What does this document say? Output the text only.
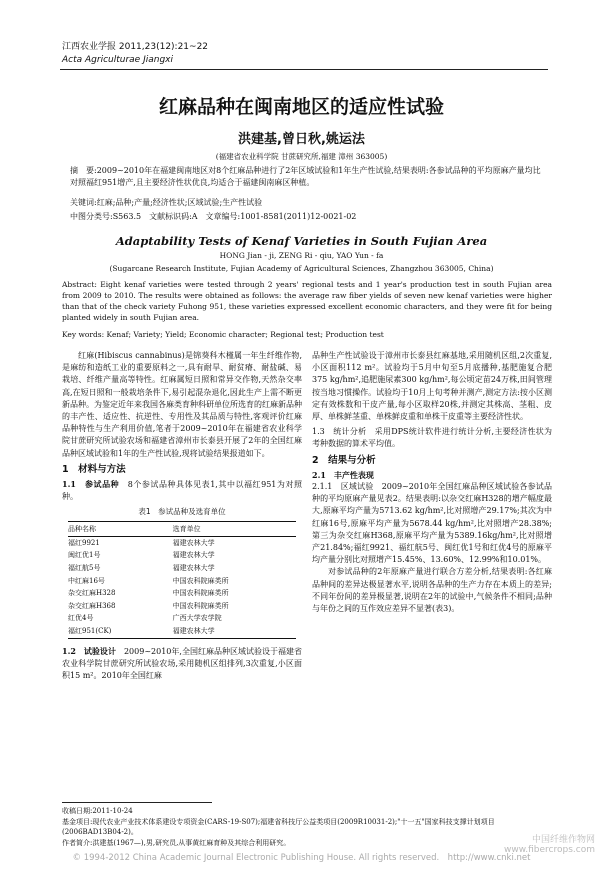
江西农业学报 2011,23(12):21~22
Acta Agriculturae Jiangxi
红麻品种在闽南地区的适应性试验
洪建基,曾日秋,姚运法
(福建省农业科学院 甘蔗研究所,福建 漳州 363005)
摘　要:2009~2010年在福建闽南地区对8个红麻品种进行了2年区域试验和1年生产性试验,结果表明:各参试品种的平均原麻产量均比对照福红951增产,且主要经济性状优良,均适合于福建闽南麻区种植。
关键词:红麻;品种;产量;经济性状;区域试验;生产性试验
中图分类号:S563.5　文献标识码:A　文章编号:1001-8581(2011)12-0021-02
Adaptability Tests of Kenaf Varieties in South Fujian Area
HONG Jian - ji, ZENG Ri - qiu, YAO Yun - fa
(Sugarcane Research Institute, Fujian Academy of Agricultural Sciences, Zhangzhou 363005, China)
Abstract: Eight kenaf varieties were tested through 2 years' regional tests and 1 year's production test in south Fujian area from 2009 to 2010. The results were obtained as follows: the average raw fiber yields of seven new kenaf varieties were higher than that of the check variety Fuhong 951, these varieties expressed excellent economic characters, and they were fit for being planted widely in south Fujian area.
Key words: Kenaf; Variety; Yield; Economic character; Regional test; Production test

红麻(Hibiscus cannabinus)是锦葵科木槿属一年生纤维作物,是麻纺和造纸工业的重要原料之一,具有耐旱、耐贫瘠、耐盐碱、易栽培、纤维产量高等特性。红麻属短日照和常异交作物,天然杂交率高,在短日照和一般栽培条件下,易引起混杂退化,因此生产上需不断更新品种。为鉴定近年来我国各麻类育种科研单位所选育的红麻新品种的丰产性、适应性、抗逆性、专用性及其品质与特性,客观评价红麻品种特性与生产利用价值,笔者于2009~2010年在福建省农业科学院甘蔗研究所试验农场和福建省漳州市长泰县开展了2年的全国红麻品种区域试验和1年的生产性试验,现将试验结果报道如下。

1　材料与方法

1.1　参试品种　 8个参试品种具体见表1,其中以福红951为对照种。

表1　参试品种及选育单位
品种名称	选育单位
福红9921	福建农林大学
闽红优1号	福建农林大学
福红航5号	福建农林大学
中红麻16号	中国农科院麻类所
杂交红麻H328	中国农科院麻类所
杂交红麻H368	中国农科院麻类所
红优4号	广西大学农学院
福红951(CK)	福建农林大学

1.2　试验设计　 2009~2010年,全国红麻品种区域试验设于福建省农业科学院甘蔗研究所试验农场,采用随机区组排列,3次重复,小区面积15 m²。2010年全国红麻

品种生产性试验设于漳州市长泰县红麻基地,采用随机区组,2次重复,小区面积112 m²。试验均于5月中旬至5月底播种,基肥施复合肥375 kg/hm²,追肥施尿素300 kg/hm²,每公顷定苗24万株,田间管理按当地习惯操作。试验均于10月上旬考种并测产,测定方法:按小区测定有效株数和干皮产量,每小区取样20株,并测定其株高、茎粗、皮厚、单株鲜茎重、单株鲜皮重和单株干皮重等主要经济性状。

1.3　统计分析　采用DPS统计软件进行统计分析,主要经济性状为考种数据的算术平均值。

2　结果与分析

2.1　丰产性表现

2.1.1　区域试验　2009~2010年全国红麻品种区域试验各参试品种的平均原麻产量见表2。结果表明:以杂交红麻H328的增产幅度最大,原麻平均产量为5713.62 kg/hm²,比对照增产29.17%;其次为中红麻16号,原麻平均产量为5678.44 kg/hm²,比对照增产28.38%;第三为杂交红麻H368,原麻平均产量为5389.16kg/hm²,比对照增产21.84%;福红9921、福红航5号、闽红优1号和红优4号的原麻平均产量分别比对照增产15.45%、13.60%、12.99%和10.01%。

对参试品种的2年原麻产量进行联合方差分析,结果表明:各红麻品种间的差异达极显著水平,说明各品种的生产力存在本质上的差异;不同年份间的差异极显著,说明在2年的试验中,气候条件不相同;品种与年份之间的互作效应差异不显著(表3)。

收稿日期:2011-10-24
基金项目:现代农业产业技术体系建设专项资金(CARS-19-S07);福建省科技厅公益类项目(2009R10031-2);"十一五"国家科技支撑计划项目(2006BAD13B04-2)。
作者简介:洪建基(1967—),男,研究员,从事黄红麻育种及其综合利用研究。	中国纤维作物网 www.fibercrops.com
© 1994-2012 China Academic Journal Electronic Publishing House. All rights reserved.　http://www.cnki.net
